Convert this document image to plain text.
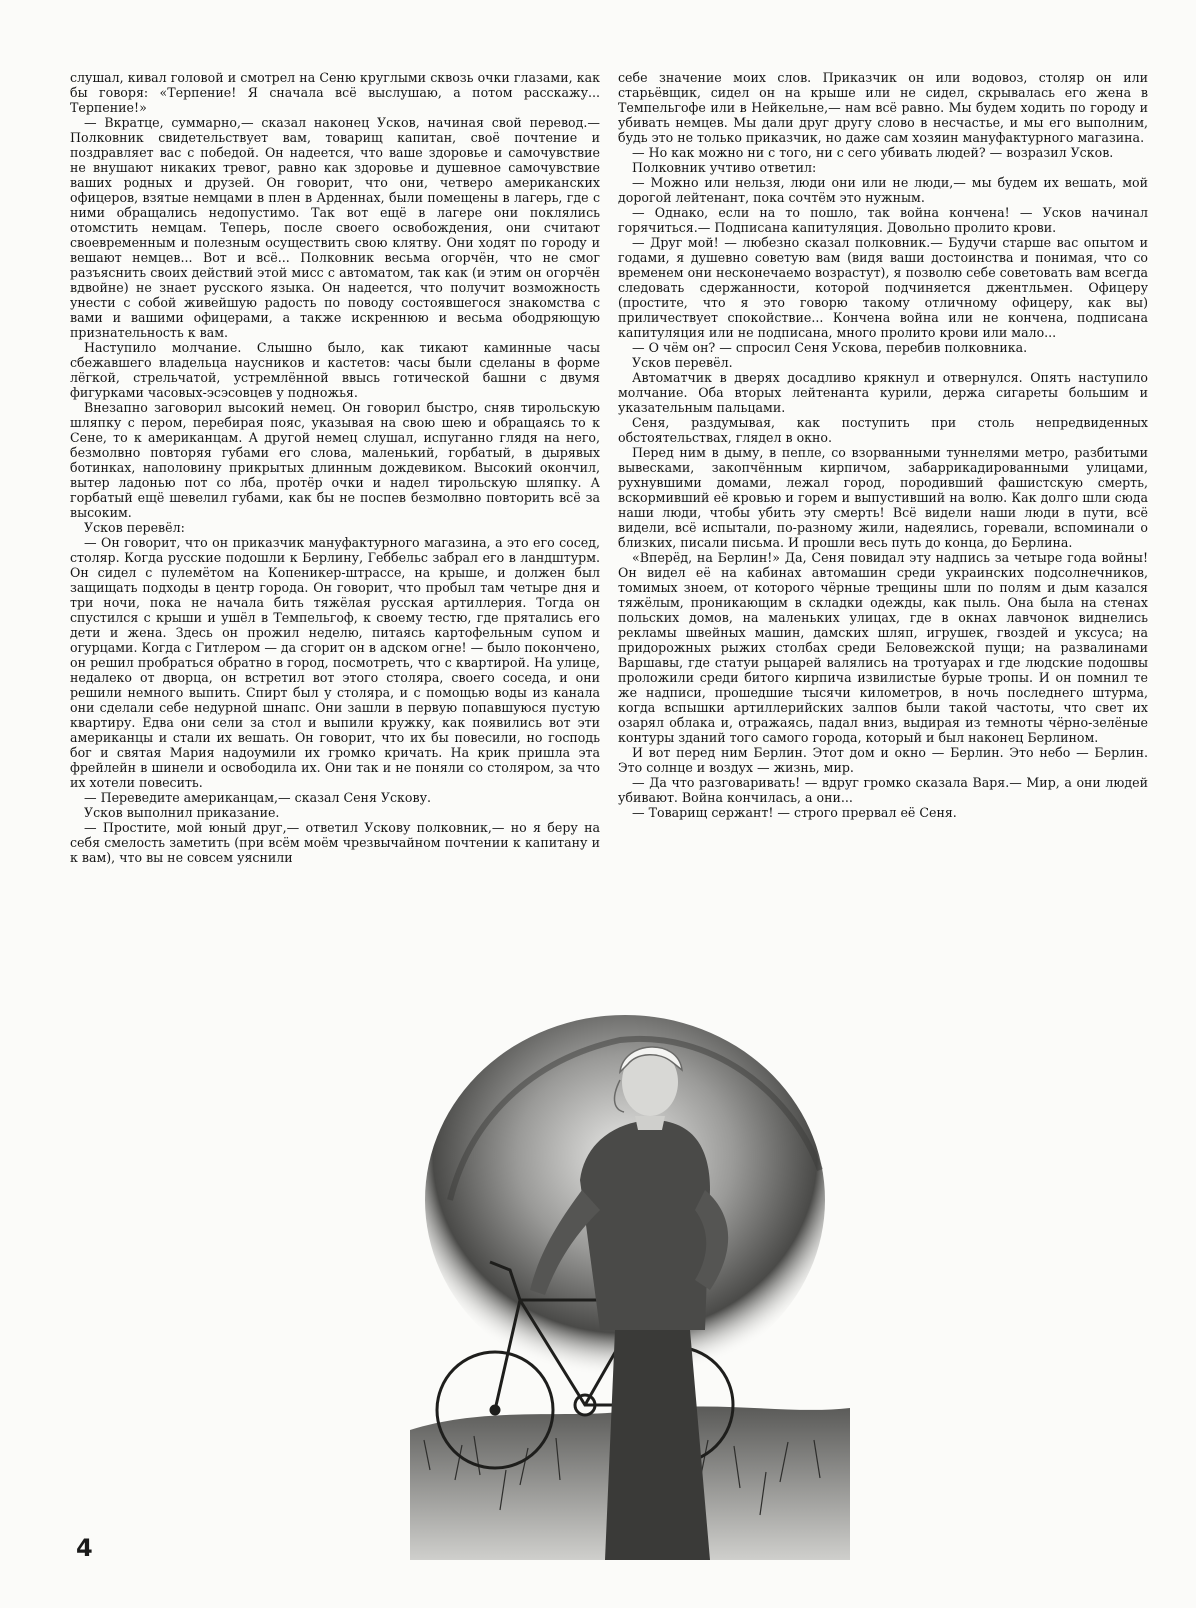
слушал, кивал головой и смотрел на Сеню круглыми сквозь очки глазами, как бы говоря: «Терпение! Я сначала всё выслушаю, а потом расскажу... Терпение!»

— Вкратце, суммарно,— сказал наконец Усков, начиная свой перевод.— Полковник свидетельствует вам, товарищ капитан, своё почтение и поздравляет вас с победой. Он надеется, что ваше здоровье и самочувствие не внушают никаких тревог, равно как здоровье и душевное самочувствие ваших родных и друзей. Он говорит, что они, четверо американских офицеров, взятые немцами в плен в Арденнах, были помещены в лагерь, где с ними обращались недопустимо. Так вот ещё в лагере они поклялись отомстить немцам. Теперь, после своего освобождения, они считают своевременным и полезным осуществить свою клятву. Они ходят по городу и вешают немцев... Вот и всё... Полковник весьма огорчён, что не смог разъяснить своих действий этой мисс с автоматом, так как (и этим он огорчён вдвойне) не знает русского языка. Он надеется, что получит возможность унести с собой живейшую радость по поводу состоявшегося знакомства с вами и вашими офицерами, а также искреннюю и весьма ободряющую признательность к вам.

Наступило молчание. Слышно было, как тикают каминные часы сбежавшего владельца наусников и кастетов: часы были сделаны в форме лёгкой, стрельчатой, устремлённой ввысь готической башни с двумя фигурками часовых-эсэсовцев у подножья.

Внезапно заговорил высокий немец. Он говорил быстро, сняв тирольскую шляпку с пером, перебирая пояс, указывая на свою шею и обращаясь то к Сене, то к американцам. А другой немец слушал, испуганно глядя на него, безмолвно повторяя губами его слова, маленький, горбатый, в дырявых ботинках, наполовину прикрытых длинным дождевиком. Высокий окончил, вытер ладонью пот со лба, протёр очки и надел тирольскую шляпку. А горбатый ещё шевелил губами, как бы не поспев безмолвно повторить всё за высоким.

Усков перевёл:

— Он говорит, что он приказчик мануфактурного магазина, а это его сосед, столяр. Когда русские подошли к Берлину, Геббельс забрал его в ландштурм. Он сидел с пулемётом на Копеникер-штрассе, на крыше, и должен был защищать подходы в центр города. Он говорит, что пробыл там четыре дня и три ночи, пока не начала бить тяжёлая русская артиллерия. Тогда он спустился с крыши и ушёл в Темпельгоф, к своему тестю, где прятались его дети и жена. Здесь он прожил неделю, питаясь картофельным супом и огурцами. Когда с Гитлером — да сгорит он в адском огне! — было покончено, он решил пробраться обратно в город, посмотреть, что с квартирой. На улице, недалеко от дворца, он встретил вот этого столяра, своего соседа, и они решили немного выпить. Спирт был у столяра, и с помощью воды из канала они сделали себе недурной шнапс. Они зашли в первую попавшуюся пустую квартиру. Едва они сели за стол и выпили кружку, как появились вот эти американцы и стали их вешать. Он говорит, что их бы повесили, но господь бог и святая Мария надоумили их громко кричать. На крик пришла эта фрейлейн в шинели и освободила их. Они так и не поняли со столяром, за что их хотели повесить.

— Переведите американцам,— сказал Сеня Ускову.

Усков выполнил приказание.

— Простите, мой юный друг,— ответил Ускову полковник,— но я беру на себя смелость заметить (при всём моём чрезвычайном почтении к капитану и к вам), что вы не совсем уяснили

себе значение моих слов. Приказчик он или водовоз, столяр он или старьёвщик, сидел он на крыше или не сидел, скрывалась его жена в Темпельгофе или в Нейкельне,— нам всё равно. Мы будем ходить по городу и убивать немцев. Мы дали друг другу слово в несчастье, и мы его выполним, будь это не только приказчик, но даже сам хозяин мануфактурного магазина.

— Но как можно ни с того, ни с сего убивать людей? — возразил Усков.

Полковник учтиво ответил:

— Можно или нельзя, люди они или не люди,— мы будем их вешать, мой дорогой лейтенант, пока сочтём это нужным.

— Однако, если на то пошло, так война кончена! — Усков начинал горячиться.— Подписана капитуляция. Довольно пролито крови.

— Друг мой! — любезно сказал полковник.— Будучи старше вас опытом и годами, я душевно советую вам (видя ваши достоинства и понимая, что со временем они несконечаемо возрастут), я позволю себе советовать вам всегда следовать сдержанности, которой подчиняется джентльмен. Офицеру (простите, что я это говорю такому отличному офицеру, как вы) приличествует спокойствие... Кончена война или не кончена, подписана капитуляция или не подписана, много пролито крови или мало...

— О чём он? — спросил Сеня Ускова, перебив полковника.

Усков перевёл.

Автоматчик в дверях досадливо крякнул и отвернулся. Опять наступило молчание. Оба вторых лейтенанта курили, держа сигареты большим и указательным пальцами.

Сеня, раздумывая, как поступить при столь непредвиденных обстоятельствах, глядел в окно.

Перед ним в дыму, в пепле, со взорванными туннелями метро, разбитыми вывесками, закопчённым кирпичом, забаррикадированными улицами, рухнувшими домами, лежал город, породивший фашистскую смерть, вскормивший её кровью и горем и выпустивший на волю. Как долго шли сюда наши люди, чтобы убить эту смерть! Всё видели наши люди в пути, всё видели, всё испытали, по-разному жили, надеялись, горевали, вспоминали о близких, писали письма. И прошли весь путь до конца, до Берлина.

«Вперёд, на Берлин!» Да, Сеня повидал эту надпись за четыре года войны! Он видел её на кабинах автомашин среди украинских подсолнечников, томимых зноем, от которого чёрные трещины шли по полям и дым казался тяжёлым, проникающим в складки одежды, как пыль. Она была на стенах польских домов, на маленьких улицах, где в окнах лавчонок виднелись рекламы швейных машин, дамских шляп, игрушек, гвоздей и уксуса; на придорожных рыжих столбах среди Беловежской пущи; на развалинами Варшавы, где статуи рыцарей валялись на тротуарах и где людские подошвы проложили среди битого кирпича извилистые бурые тропы. И он помнил те же надписи, прошедшие тысячи километров, в ночь последнего штурма, когда вспышки артиллерийских залпов были такой частоты, что свет их озарял облака и, отражаясь, падал вниз, выдирая из темноты чёрно-зелёные контуры зданий того самого города, который и был наконец Берлином.

И вот перед ним Берлин. Этот дом и окно — Берлин. Это небо — Берлин. Это солнце и воздух — жизнь, мир.

— Да что разговаривать! — вдруг громко сказала Варя.— Мир, а они людей убивают. Война кончилась, а они...

— Товарищ сержант! — строго прервал её Сеня.

4
